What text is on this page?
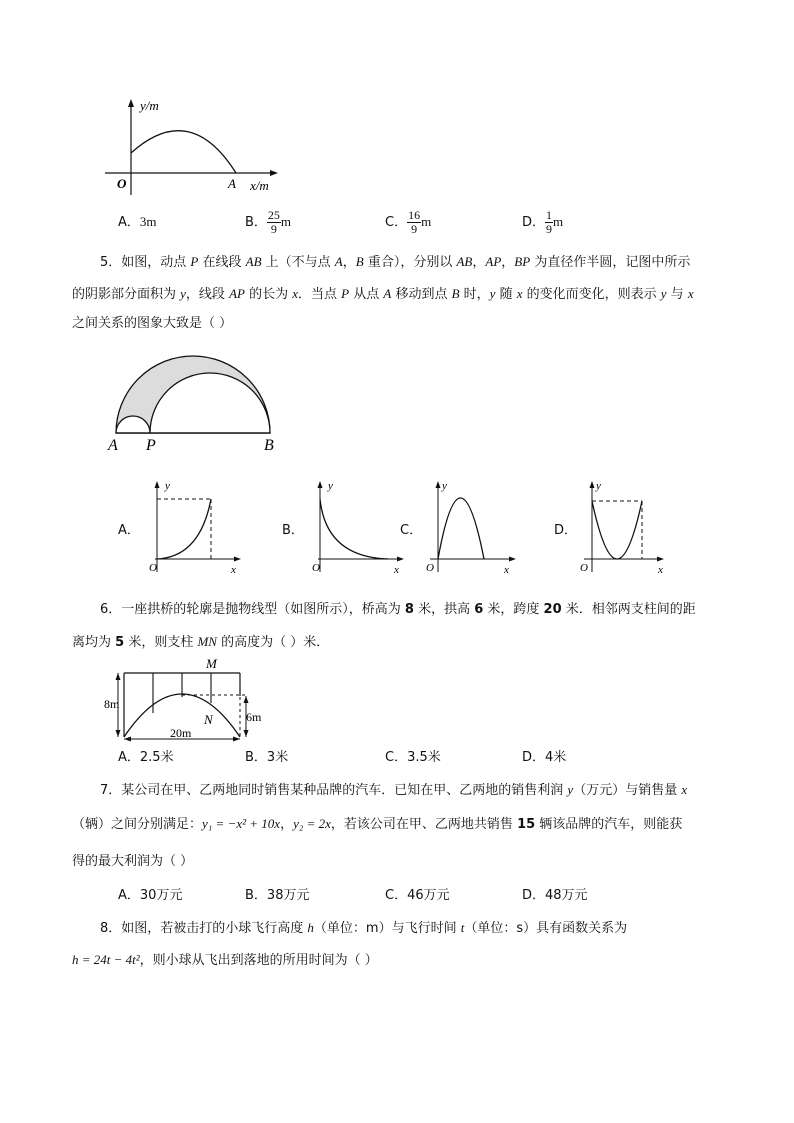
y/m
x/m
O	A
A．3m	B． $\frac{25}{9}$ m	C． $\frac{16}{9}$ m	D． $\frac{1}{9}$ m
5．如图，动点 P 在线段 AB 上（不与点 A，B 重合），分别以 AB，AP，BP 为直径作半圆，记图中所示
的阴影部分面积为 y，线段 AP 的长为 x．当点 P 从点 A 移动到点 B 时，y 随 x 的变化而变化，则表示 y 与 x
之间关系的图象大致是（ ）
A P	B
A．
y
x
O
B．
y
x
O
C．
y
x
O
D．
y
x
O
6．一座拱桥的轮廓是抛物线型（如图所示），桥高为 8 米，拱高 6 米，跨度 20 米．相邻两支柱间的距
离均为 5 米，则支柱 MN 的高度为（ ）米．
8m
6m
20m
M
N
A．2.5米	B．3米	C．3.5米	D．4米
7．某公司在甲、乙两地同时销售某种品牌的汽车．已知在甲、乙两地的销售利润 y（万元）与销售量 x
（辆）之间分别满足：y₁ = −x² + 10x，y₂ = 2x，若该公司在甲、乙两地共销售 15 辆该品牌的汽车，则能获
得的最大利润为（ ）
A．30万元	B．38万元	C．46万元	D．48万元
8．如图，若被击打的小球飞行高度 h（单位：m）与飞行时间 t（单位：s）具有函数关系为
h = 24t − 4t²，则小球从飞出到落地的所用时间为（ ）
